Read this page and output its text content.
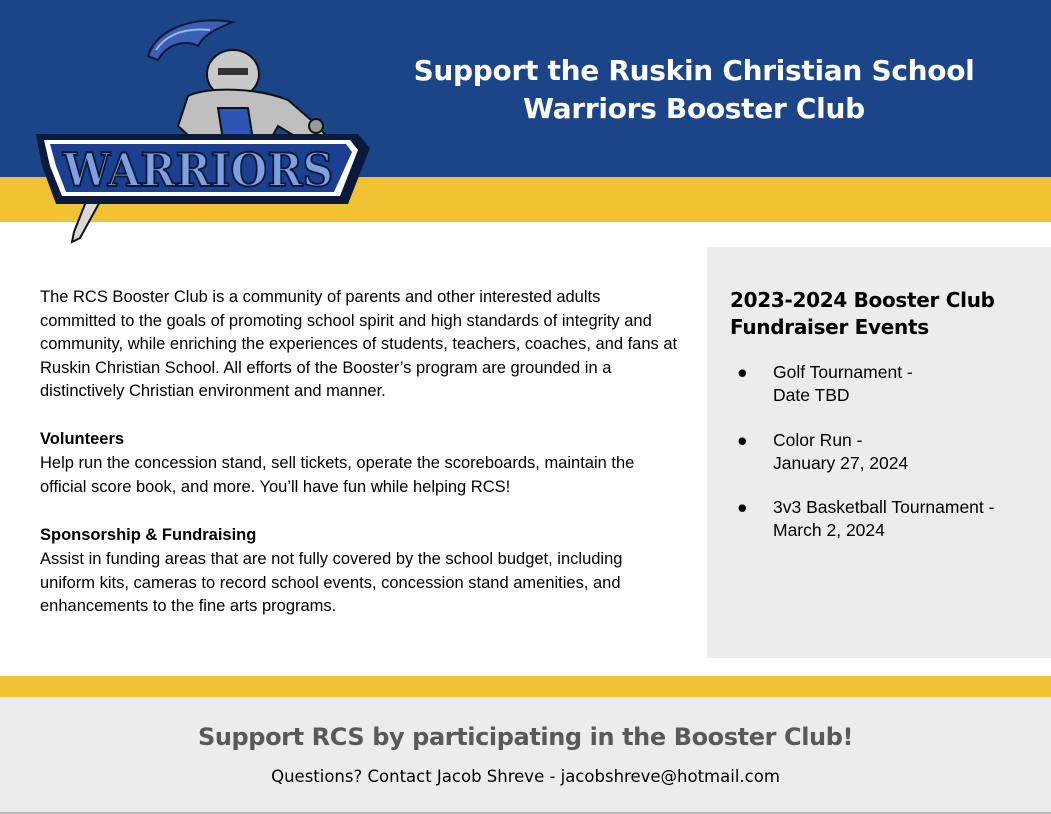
WARRIORS
Support the Ruskin Christian School
Warriors Booster Club
The RCS Booster Club is a community of parents and other interested adults committed to the goals of promoting school spirit and high standards of integrity and community, while enriching the experiences of students, teachers, coaches, and fans at Ruskin Christian School. All efforts of the Booster’s program are grounded in a distinctively Christian environment and manner.
Volunteers
Help run the concession stand, sell tickets, operate the scoreboards, maintain the official score book, and more. You’ll have fun while helping RCS!
Sponsorship & Fundraising
Assist in funding areas that are not fully covered by the school budget, including uniform kits, cameras to record school events, concession stand amenities, and enhancements to the fine arts programs.
2023-2024 Booster Club Fundraiser Events
● Golf Tournament -
Date TBD
● Color Run -
January 27, 2024
● 3v3 Basketball Tournament -
March 2, 2024
Support RCS by participating in the Booster Club!
Questions? Contact Jacob Shreve - jacobshreve@hotmail.com
